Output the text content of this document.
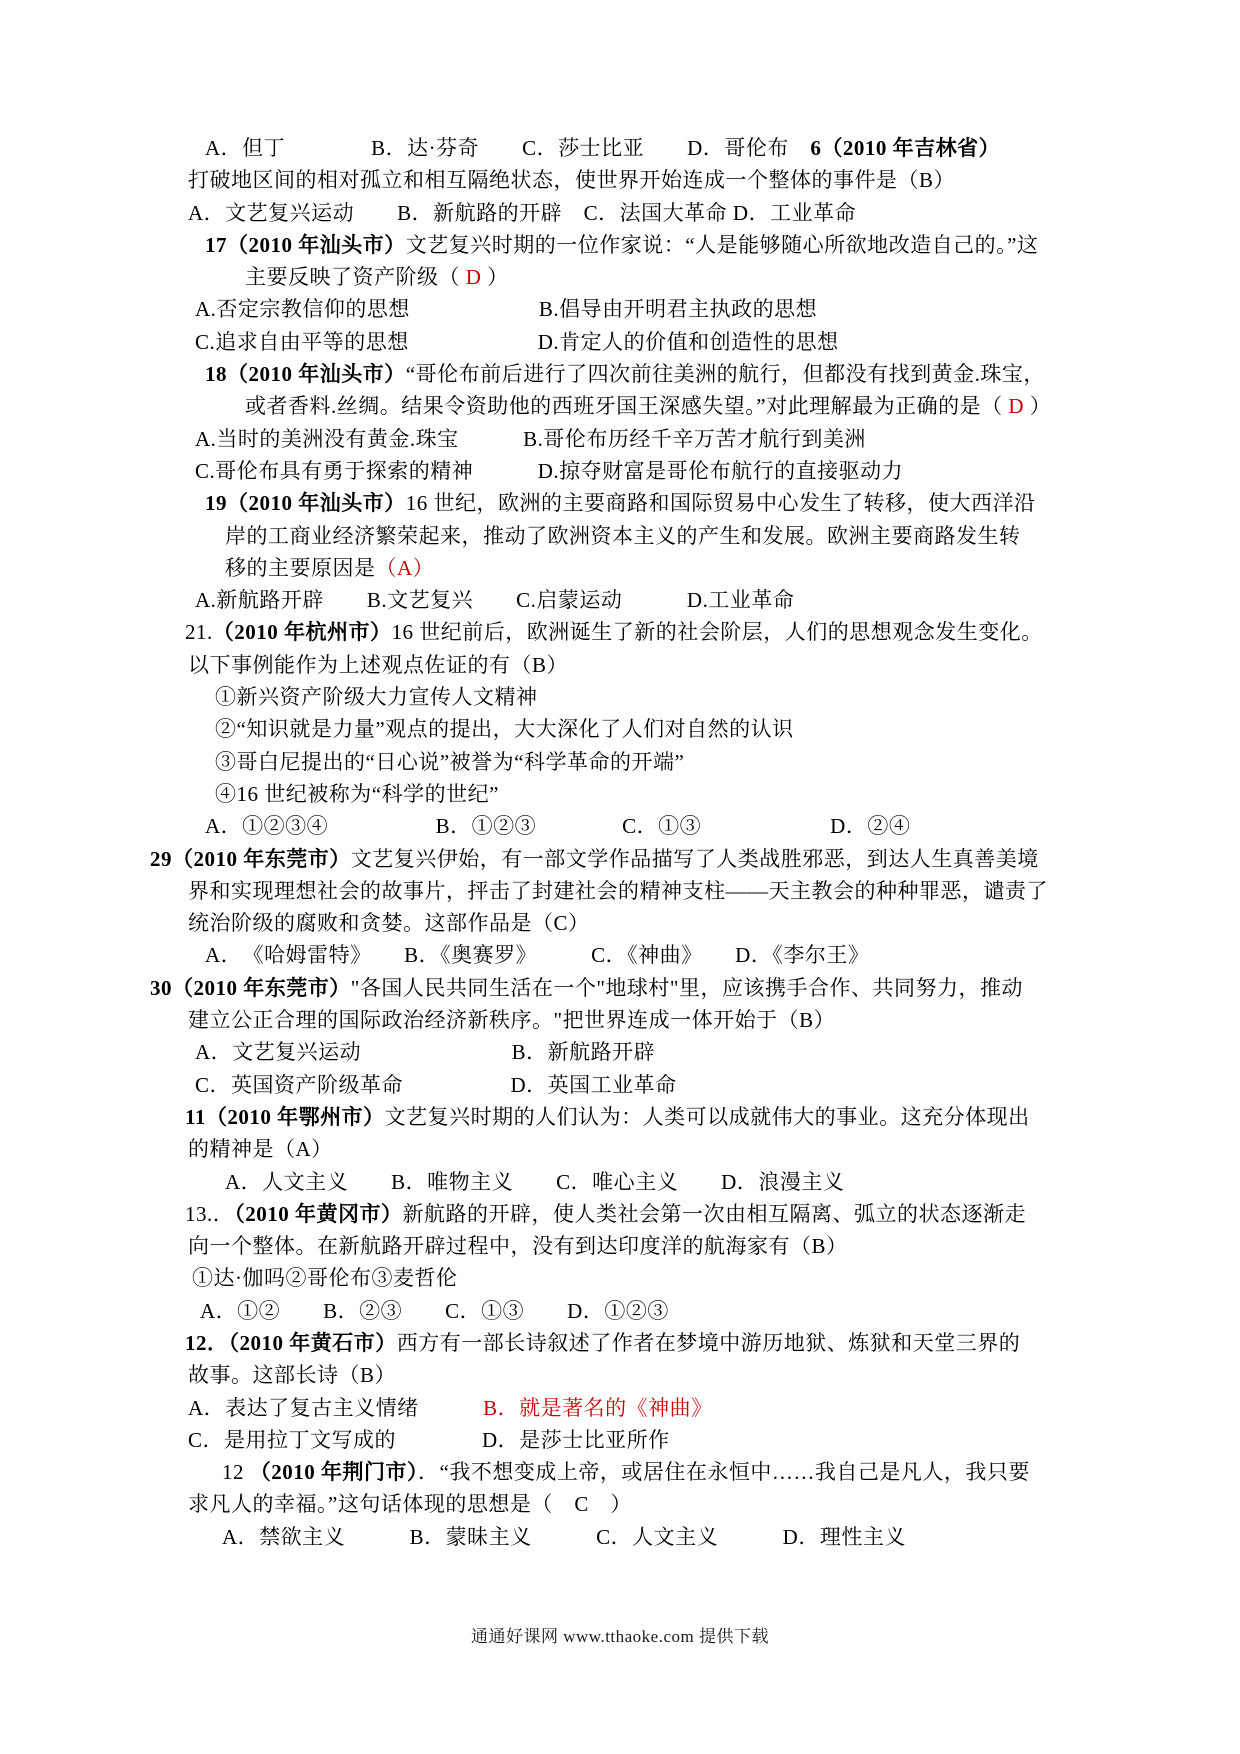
A．但丁　　　　B．达·芬奇　　C．莎士比亚　　D．哥伦布　6（2010 年吉林省）
打破地区间的相对孤立和相互隔绝状态，使世界开始连成一个整体的事件是（B）
A．文艺复兴运动　　B．新航路的开辟　C．法国大革命 D．工业革命
17（2010 年汕头市）文艺复兴时期的一位作家说：“人是能够随心所欲地改造自己的。”这
主要反映了资产阶级（ D ）
A.否定宗教信仰的思想　　　　　　B.倡导由开明君主执政的思想
C.追求自由平等的思想　　　　　　D.肯定人的价值和创造性的思想
18（2010 年汕头市）“哥伦布前后进行了四次前往美洲的航行，但都没有找到黄金.珠宝，
或者香料.丝绸。结果令资助他的西班牙国王深感失望。”对此理解最为正确的是（ D ）
A.当时的美洲没有黄金.珠宝　　　B.哥伦布历经千辛万苦才航行到美洲
C.哥伦布具有勇于探索的精神　　　D.掠夺财富是哥伦布航行的直接驱动力
19（2010 年汕头市）16 世纪，欧洲的主要商路和国际贸易中心发生了转移，使大西洋沿
岸的工商业经济繁荣起来，推动了欧洲资本主义的产生和发展。欧洲主要商路发生转
移的主要原因是（A）
A.新航路开辟　　B.文艺复兴　　C.启蒙运动　　　D.工业革命
21.（2010 年杭州市）16 世纪前后，欧洲诞生了新的社会阶层，人们的思想观念发生变化。
以下事例能作为上述观点佐证的有（B）
①新兴资产阶级大力宣传人文精神
②“知识就是力量”观点的提出，大大深化了人们对自然的认识
③哥白尼提出的“日心说”被誉为“科学革命的开端”
④16 世纪被称为“科学的世纪”
A．①②③④　　　　　B．①②③　　　　C．①③　　　　　　D．②④
29（2010 年东莞市）文艺复兴伊始，有一部文学作品描写了人类战胜邪恶，到达人生真善美境
界和实现理想社会的故事片，抨击了封建社会的精神支柱——天主教会的种种罪恶，谴责了
统治阶级的腐败和贪婪。这部作品是（C）
A．　《哈姆雷特》　　B．《奥赛罗》　　　C．《神曲》　　D．《李尔王》
30（2010 年东莞市）"各国人民共同生活在一个"地球村"里，应该携手合作、共同努力，推动
建立公正合理的国际政治经济新秩序。"把世界连成一体开始于（B）
A．文艺复兴运动　　　　　　　B．新航路开辟
C．英国资产阶级革命　　　　　D．英国工业革命
11（2010 年鄂州市）文艺复兴时期的人们认为：人类可以成就伟大的事业。这充分体现出
的精神是（A）
A．人文主义　　B．唯物主义　　C．唯心主义　　D．浪漫主义
13.．（2010 年黄冈市）新航路的开辟，使人类社会第一次由相互隔离、弧立的状态逐渐走
向一个整体。在新航路开辟过程中，没有到达印度洋的航海家有（B）
①达·伽吗②哥伦布③麦哲伦
A．①②　　B．②③　　C．①③　　D．①②③
12．（2010 年黄石市）西方有一部长诗叙述了作者在梦境中游历地狱、炼狱和天堂三界的
故事。这部长诗（B）
A．表达了复古主义情绪　　　B．就是著名的《神曲》
C．是用拉丁文写成的　　　　D．是莎士比亚所作
12 （2010 年荆门市）．“我不想变成上帝，或居住在永恒中……我自己是凡人，我只要
求凡人的幸福。”这句话体现的思想是（　C　）
A．禁欲主义　　　B．蒙昧主义　　　C．人文主义　　　D．理性主义
通通好课网 www.tthaoke.com 提供下载
